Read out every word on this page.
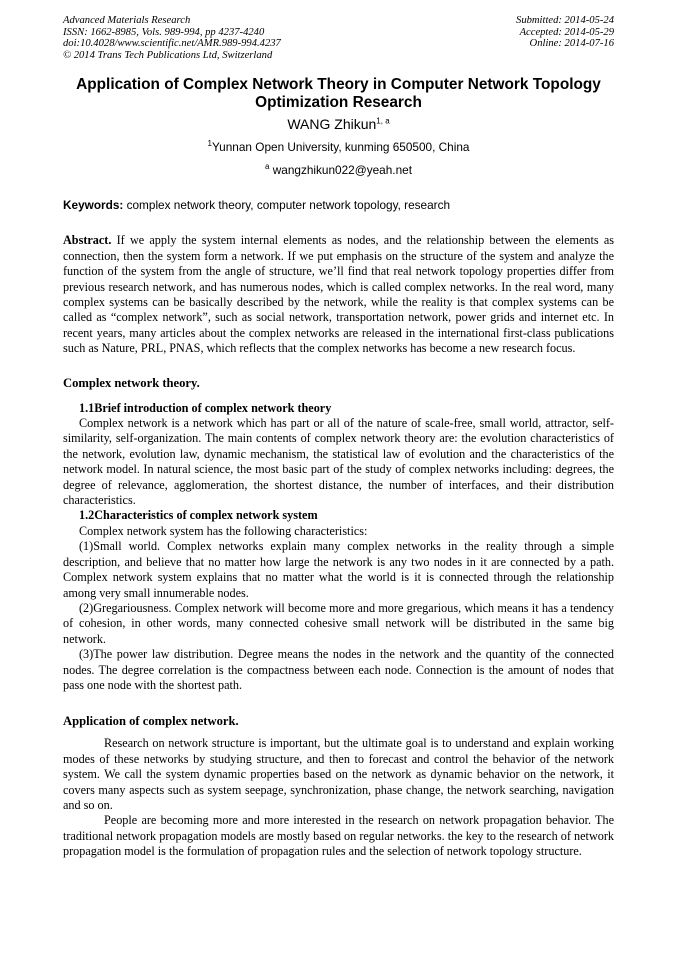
Advanced Materials Research
ISSN: 1662-8985, Vols. 989-994, pp 4237-4240
doi:10.4028/www.scientific.net/AMR.989-994.4237
© 2014 Trans Tech Publications Ltd, Switzerland
Submitted: 2014-05-24
Accepted: 2014-05-29
Online: 2014-07-16
Application of Complex Network Theory in Computer Network Topology Optimization Research
WANG Zhikun$^{1, a}$
$^1$Yunnan Open University, kunming 650500, China
$^a$ wangzhikun022@yeah.net
Keywords: complex network theory, computer network topology, research

Abstract. If we apply the system internal elements as nodes, and the relationship between the elements as connection, then the system form a network. If we put emphasis on the structure of the system and analyze the function of the system from the angle of structure, we’ll find that real network topology properties differ from previous research network, and has numerous nodes, which is called complex networks. In the real word, many complex systems can be basically described by the network, while the reality is that complex systems can be called as “complex network”, such as social network, transportation network, power grids and internet etc. In recent years, many articles about the complex networks are released in the international first-class publications such as Nature, PRL, PNAS, which reflects that the complex networks has become a new research focus.

Complex network theory.
1.1Brief introduction of complex network theory

Complex network is a network which has part or all of the nature of scale-free, small world, attractor, self-similarity, self-organization. The main contents of complex network theory are: the evolution characteristics of the network, evolution law, dynamic mechanism, the statistical law of evolution and the characteristics of the network model. In natural science, the most basic part of the study of complex networks including: degrees, the degree of relevance, agglomeration, the shortest distance, the number of interfaces, and their distribution characteristics.

1.2Characteristics of complex network system

Complex network system has the following characteristics:

(1)Small world. Complex networks explain many complex networks in the reality through a simple description, and believe that no matter how large the network is any two nodes in it are connected by a path. Complex network system explains that no matter what the world is it is connected through the relationship among very small innumerable nodes.

(2)Gregariousness. Complex network will become more and more gregarious, which means it has a tendency of cohesion, in other words, many connected cohesive small network will be distributed in the same big network.

(3)The power law distribution. Degree means the nodes in the network and the quantity of the connected nodes. The degree correlation is the compactness between each node. Connection is the amount of nodes that pass one node with the shortest path.

Application of complex network.

Research on network structure is important, but the ultimate goal is to understand and explain working modes of these networks by studying structure, and then to forecast and control the behavior of the network system. We call the system dynamic properties based on the network as dynamic behavior on the network, it covers many aspects such as system seepage, synchronization, phase change, the network searching, navigation and so on.

People are becoming more and more interested in the research on network propagation behavior. The traditional network propagation models are mostly based on regular networks. the key to the research of network propagation model is the formulation of propagation rules and the selection of network topology structure.
